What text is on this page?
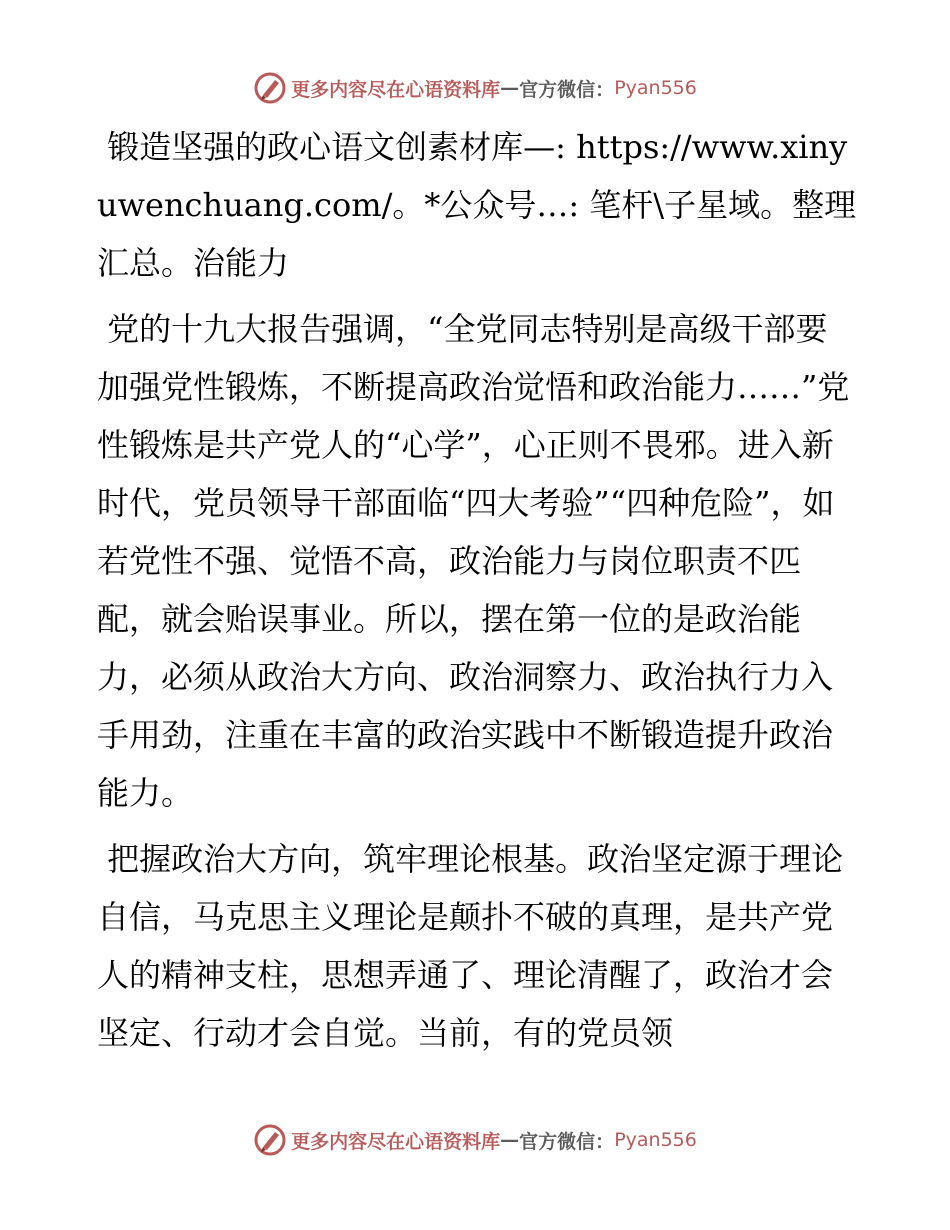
更多内容尽在心语资料库 — 官方微信： Pyan556

锻造坚强的政心语文创素材库—: https://www.xinyuwenchuang.com/。*公众号…: 笔杆\子星域。整理汇总。治能力

党的十九大报告强调，“全党同志特别是高级干部要加强党性锻炼，不断提高政治觉悟和政治能力……”党性锻炼是共产党人的“心学”，心正则不畏邪。进入新时代，党员领导干部面临“四大考验”“四种危险”，如若党性不强、觉悟不高，政治能力与岗位职责不匹配，就会贻误事业。所以，摆在第一位的是政治能力，必须从政治大方向、政治洞察力、政治执行力入手用劲，注重在丰富的政治实践中不断锻造提升政治能力。

把握政治大方向，筑牢理论根基。政治坚定源于理论自信，马克思主义理论是颠扑不破的真理，是共产党人的精神支柱，思想弄通了、理论清醒了，政治才会坚定、行动才会自觉。当前，有的党员领

更多内容尽在心语资料库 — 官方微信： Pyan556
